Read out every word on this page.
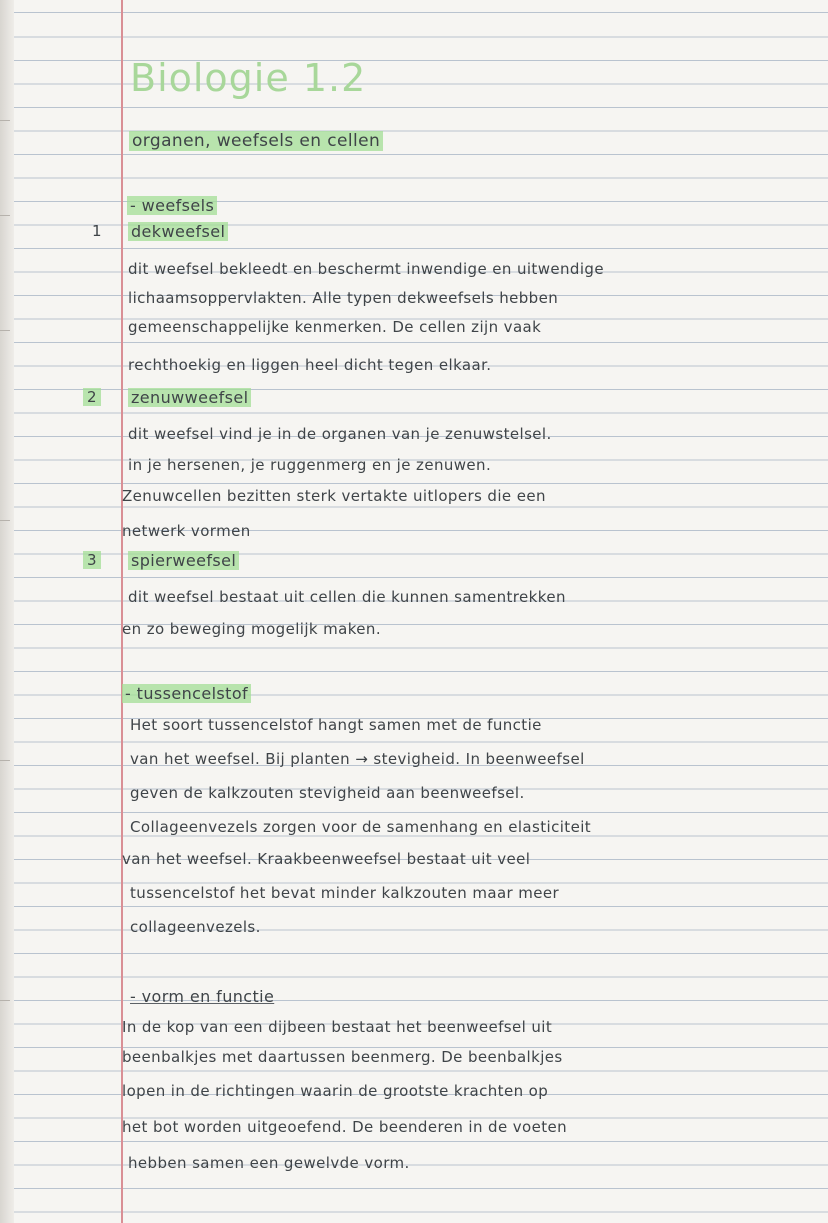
Biologie 1.2
organen, weefsels en cellen
- weefsels
1 dekweefsel
dit weefsel bekleedt en beschermt inwendige en uitwendige
lichaamsoppervlakten. Alle typen dekweefsels hebben
gemeenschappelijke kenmerken. De cellen zijn vaak
rechthoekig en liggen heel dicht tegen elkaar.
2 zenuwweefsel
dit weefsel vind je in de organen van je zenuwstelsel.
in je hersenen, je ruggenmerg en je zenuwen.
Zenuwcellen bezitten sterk vertakte uitlopers die een
netwerk vormen
3 spierweefsel
dit weefsel bestaat uit cellen die kunnen samentrekken
en zo beweging mogelijk maken.
- tussencelstof
Het soort tussencelstof hangt samen met de functie
van het weefsel. Bij planten → stevigheid. In beenweefsel
geven de kalkzouten stevigheid aan beenweefsel.
Collageenvezels zorgen voor de samenhang en elasticiteit
van het weefsel. Kraakbeenweefsel bestaat uit veel
tussencelstof het bevat minder kalkzouten maar meer
collageenvezels.
- vorm en functie
In de kop van een dijbeen bestaat het beenweefsel uit
beenbalkjes met daartussen beenmerg. De beenbalkjes
lopen in de richtingen waarin de grootste krachten op
het bot worden uitgeoefend. De beenderen in de voeten
hebben samen een gewelvde vorm.
